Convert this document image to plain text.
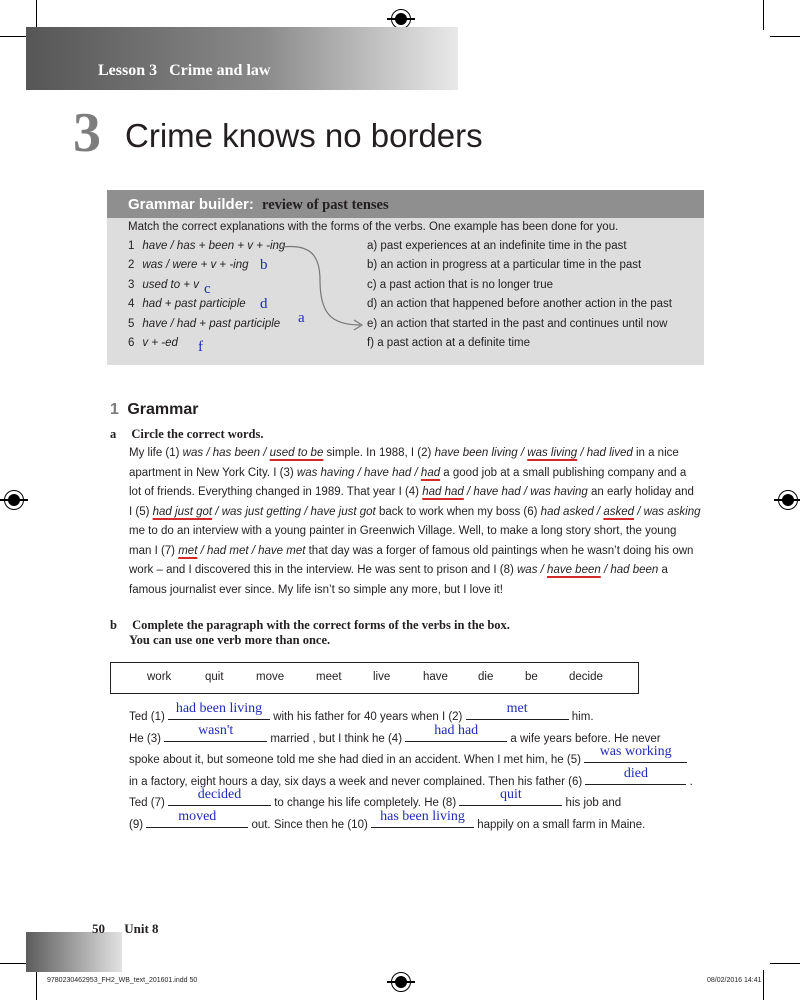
Lesson 3 Crime and law
3 Crime knows no borders
Grammar builder: review of past tenses
Match the correct explanations with the forms of the verbs. One example has been done for you.
1 have / has + been + v + -ing
2 was / were + v + -ing b
3 used to + v c
4 had + past participle d
5 have / had + past participle a
6 v + -ed f
a) past experiences at an indefinite time in the past
b) an action in progress at a particular time in the past
c) a past action that is no longer true
d) an action that happened before another action in the past
e) an action that started in the past and continues until now
f) a past action at a definite time
1 Grammar
a Circle the correct words.
My life (1) was / has been / used to be simple. In 1988, I (2) have been living / was living / had lived in a nice
apartment in New York City. I (3) was having / have had / had a good job at a small publishing company and a
lot of friends. Everything changed in 1989. That year I (4) had had / have had / was having an early holiday and
I (5) had just got / was just getting / have just got back to work when my boss (6) had asked / asked / was asking
me to do an interview with a young painter in Greenwich Village. Well, to make a long story short, the young
man I (7) met / had met / have met that day was a forger of famous old paintings when he wasn’t doing his own
work – and I discovered this in the interview. He was sent to prison and I (8) was / have been / had been a
famous journalist ever since. My life isn’t so simple any more, but I love it!
b Complete the paragraph with the correct forms of the verbs in the box.
You can use one verb more than once.
work	quit	move	meet	live	have	die	be	decide
Ted (1)
had been living
with his father for 40 years when I (2)
met
him.
He (3)
wasn't
married , but I think he (4)
had had
a wife years before. He never
spoke about it, but someone told me she had died in an accident. When I met him, he (5)
was working
in a factory, eight hours a day, six days a week and never complained. Then his father (6)
died
.
Ted (7)
decided
to change his life completely. He (8)
quit
his job and
(9)
moved
out. Since then he (10)
has been living
happily on a small farm in Maine.
50 Unit 8
9780230462953_FH2_WB_text_201601.indd 50	08/02/2016 14:41
